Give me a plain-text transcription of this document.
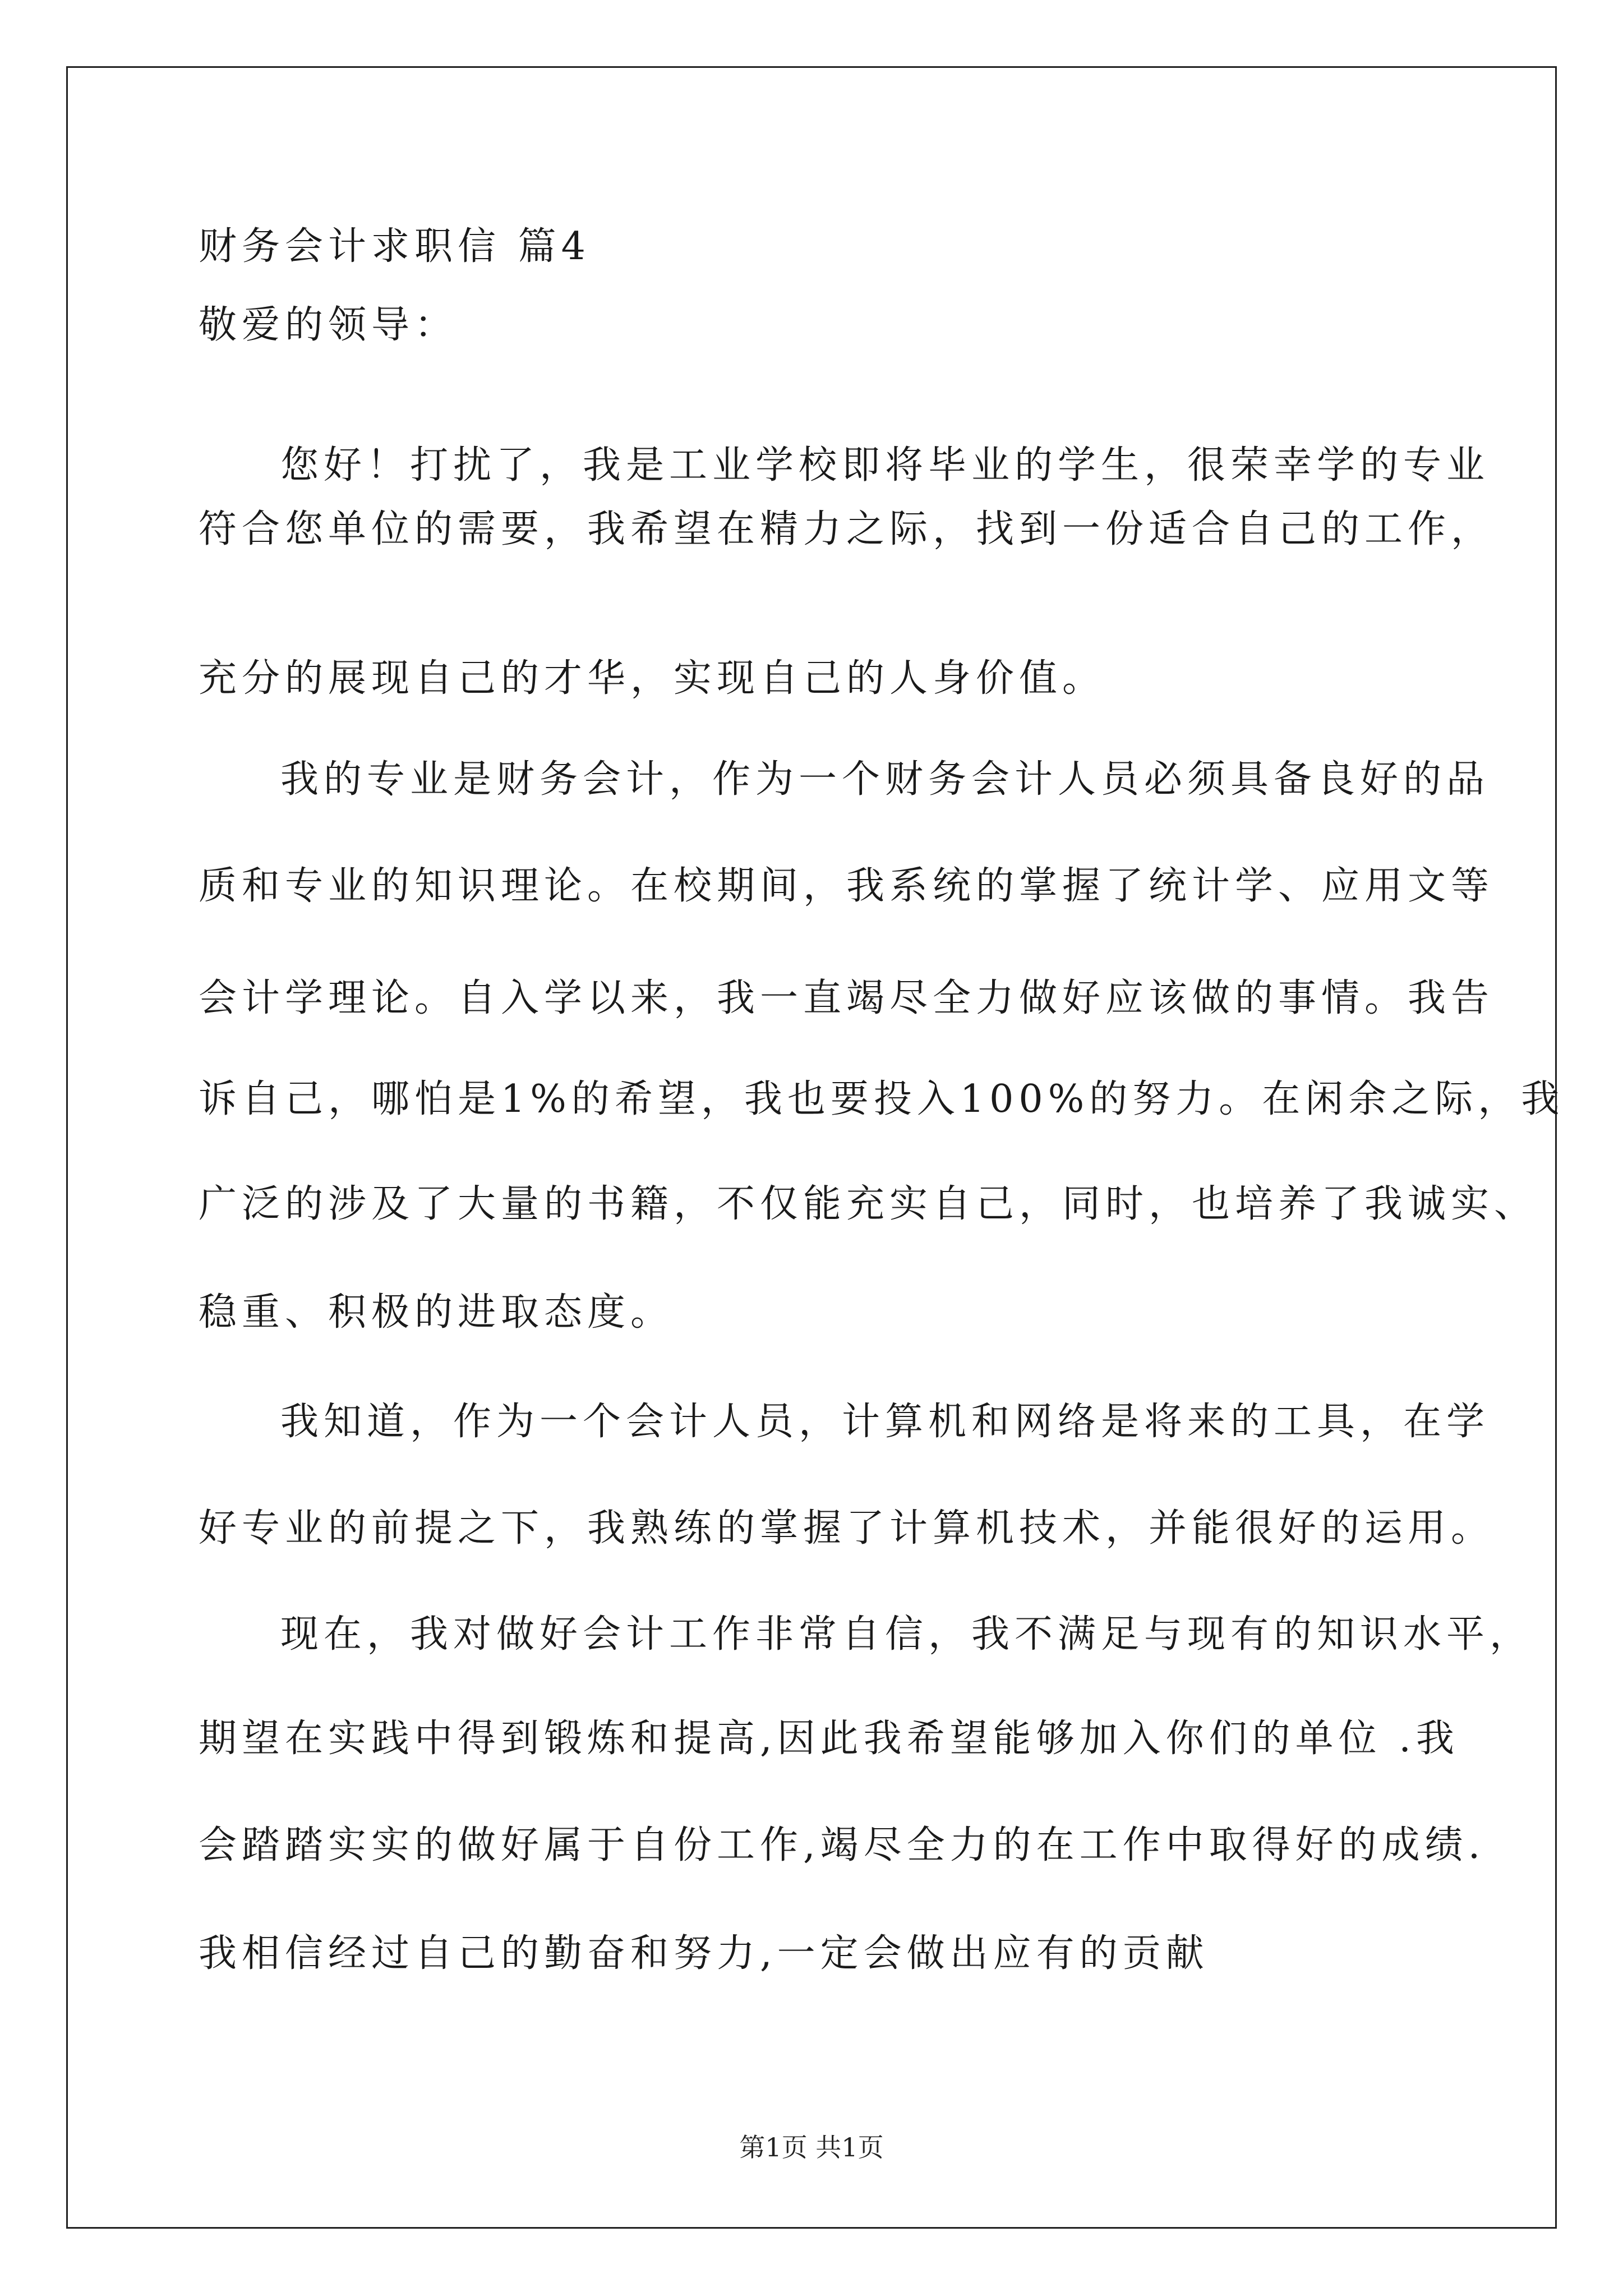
财务会计求职信 篇4
敬爱的领导：
您好！打扰了，我是工业学校即将毕业的学生，很荣幸学的专业
符合您单位的需要，我希望在精力之际，找到一份适合自己的工作，
充分的展现自己的才华，实现自己的人身价值。
我的专业是财务会计，作为一个财务会计人员必须具备良好的品
质和专业的知识理论。在校期间，我系统的掌握了统计学、应用文等
会计学理论。自入学以来，我一直竭尽全力做好应该做的事情。我告
诉自己，哪怕是1%的希望，我也要投入100%的努力。在闲余之际，我
广泛的涉及了大量的书籍，不仅能充实自己，同时，也培养了我诚实、
稳重、积极的进取态度。
我知道，作为一个会计人员，计算机和网络是将来的工具，在学
好专业的前提之下，我熟练的掌握了计算机技术，并能很好的运用。
现在，我对做好会计工作非常自信，我不满足与现有的知识水平，
期望在实践中得到锻炼和提高,因此我希望能够加入你们的单位 .我
会踏踏实实的做好属于自份工作,竭尽全力的在工作中取得好的成绩.
我相信经过自己的勤奋和努力,一定会做出应有的贡献
第1页 共1页
